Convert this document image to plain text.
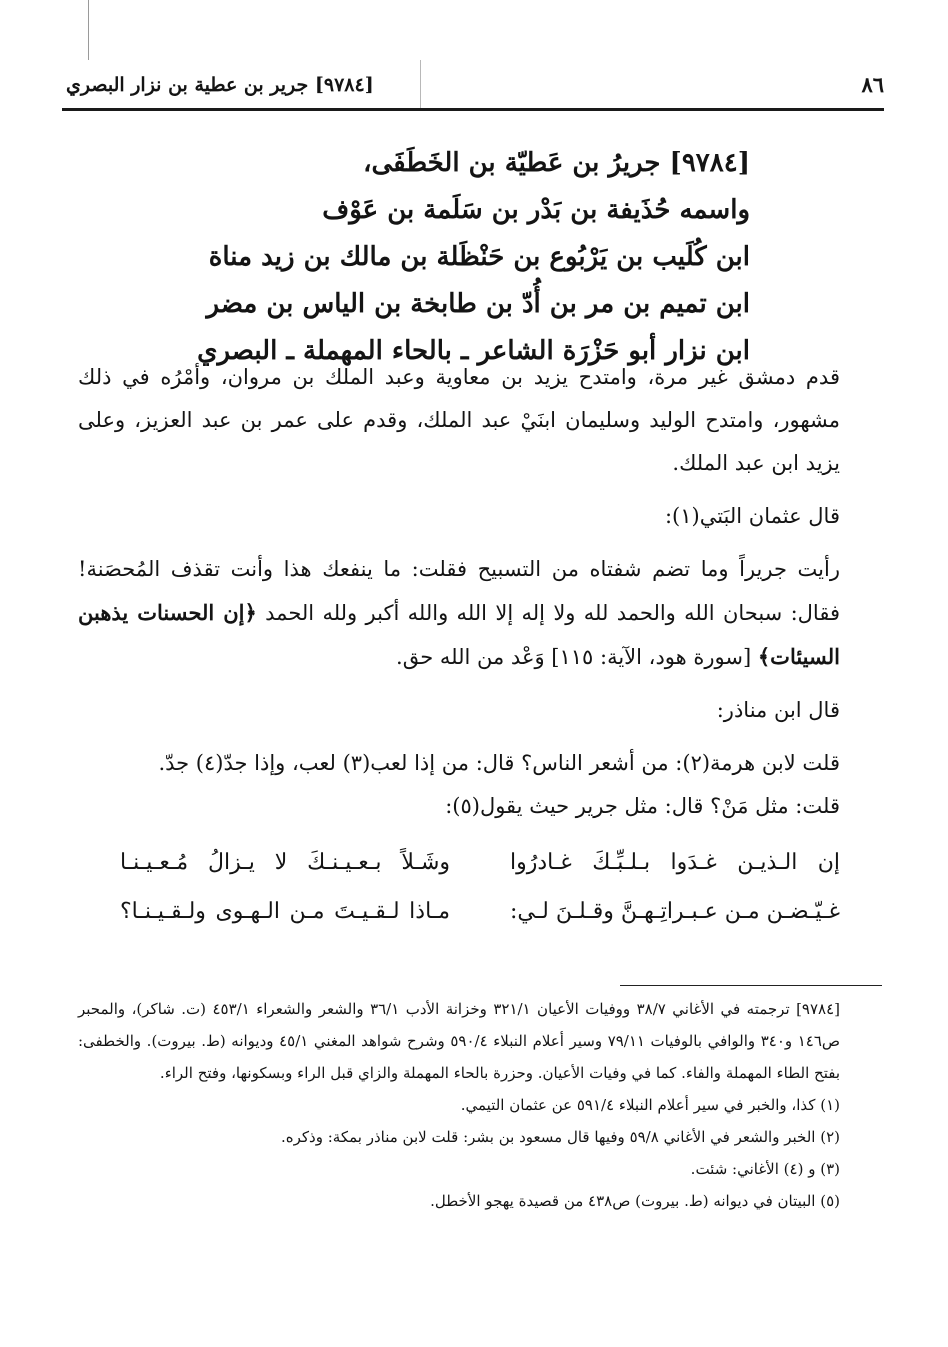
[٩٧٨٤] جرير بن عطية بن نزار البصري	٨٦
[٩٧٨٤] جريرُ بن عَطيّة بن الخَطَفَى،
واسمه حُذَيفة بن بَدْر بن سَلَمة بن عَوْف
ابن كُلَيب بن يَرْبُوع بن حَنْظَلة بن مالك بن زيد مناة
ابن تميم بن مر بن أُدّ بن طابخة بن الياس بن مضر
ابن نزار أبو حَزْرَة الشاعر ـ بالحاء المهملة ـ البصري

قدم دمشق غير مرة، وامتدح يزيد بن معاوية وعبد الملك بن مروان، وأمْرُه في ذلك مشهور، وامتدح الوليد وسليمان ابنَيْ عبد الملك، وقدم على عمر بن عبد العزيز، وعلى يزيد ابن عبد الملك.

قال عثمان البَتي(١):

رأيت جريراً وما تضم شفتاه من التسبيح فقلت: ما ينفعك هذا وأنت تقذف المُحصَنة! فقال: سبحان الله والحمد لله ولا إله إلا الله والله أكبر ولله الحمد ﴿إن الحسنات يذهبن السيئات﴾ [سورة هود، الآية: ١١٥] وَعْد من الله حق.

قال ابن مناذر:

قلت لابن هرمة(٢): من أشعر الناس؟ قال: من إذا لعب(٣) لعب، وإذا جدّ(٤) جدّ.

قلت: مثل مَنْ؟ قال: مثل جرير حيث يقول(٥):

إن الـذيـن غـدَوا بـلـبِّـكَ غـادرُوا
وشَـلاً بـعـيـنـكَ لا يـزالُ مُـعـيـنـا
غـيّـضـن مـن عـبـراتِـهـنَّ وقـلـنَ لـي:
مـاذا لـقـيـتَ مـن الـهـوى ولـقـيـنـا؟

[٩٧٨٤] ترجمته في الأغاني ٣٨/٧ ووفيات الأعيان ٣٢١/١ وخزانة الأدب ٣٦/١ والشعر والشعراء ٤٥٣/١ (ت. شاكر)، والمحبر ص١٤٦ و٣٤٠ والوافي بالوفيات ٧٩/١١ وسير أعلام النبلاء ٥٩٠/٤ وشرح شواهد المغني ٤٥/١ وديوانه (ط. بيروت). والخطفى: بفتح الطاء المهملة والفاء. كما في وفيات الأعيان. وحزرة بالحاء المهملة والزاي قبل الراء وبسكونها، وفتح الراء.

(١) كذا، والخبر في سير أعلام النبلاء ٥٩١/٤ عن عثمان التيمي.

(٢) الخبر والشعر في الأغاني ٥٩/٨ وفيها قال مسعود بن بشر: قلت لابن مناذر بمكة: وذكره.

(٣) و (٤) الأغاني: شئت.

(٥) البيتان في ديوانه (ط. بيروت) ص٤٣٨ من قصيدة يهجو الأخطل.
